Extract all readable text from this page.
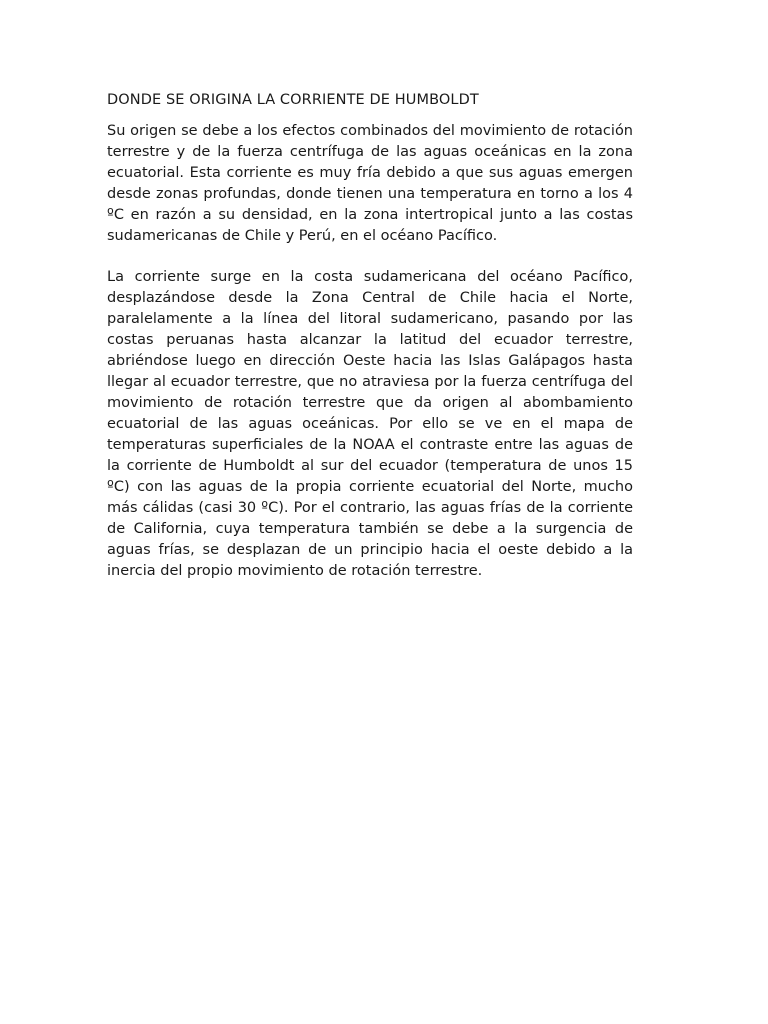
DONDE SE ORIGINA LA CORRIENTE DE HUMBOLDT

Su origen se debe a los efectos combinados del movimiento de rotación terrestre y de la fuerza centrífuga de las aguas oceánicas en la zona ecuatorial. Esta corriente es muy fría debido a que sus aguas emergen desde zonas profundas, donde tienen una temperatura en torno a los 4 ºC en razón a su densidad, en la zona intertropical junto a las costas sudamericanas de Chile y Perú, en el océano Pacífico.

La corriente surge en la costa sudamericana del océano Pacífico, desplazándose desde la Zona Central de Chile hacia el Norte, paralelamente a la línea del litoral sudamericano, pasando por las costas peruanas hasta alcanzar la latitud del ecuador terrestre, abriéndose luego en dirección Oeste hacia las Islas Galápagos hasta llegar al ecuador terrestre, que no atraviesa por la fuerza centrífuga del movimiento de rotación terrestre que da origen al abombamiento ecuatorial de las aguas oceánicas. Por ello se ve en el mapa de temperaturas superficiales de la NOAA el contraste entre las aguas de la corriente de Humboldt al sur del ecuador (temperatura de unos 15 ºC) con las aguas de la propia corriente ecuatorial del Norte, mucho más cálidas (casi 30 ºC). Por el contrario, las aguas frías de la corriente de California, cuya temperatura también se debe a la surgencia de aguas frías, se desplazan de un principio hacia el oeste debido a la inercia del propio movimiento de rotación terrestre.
